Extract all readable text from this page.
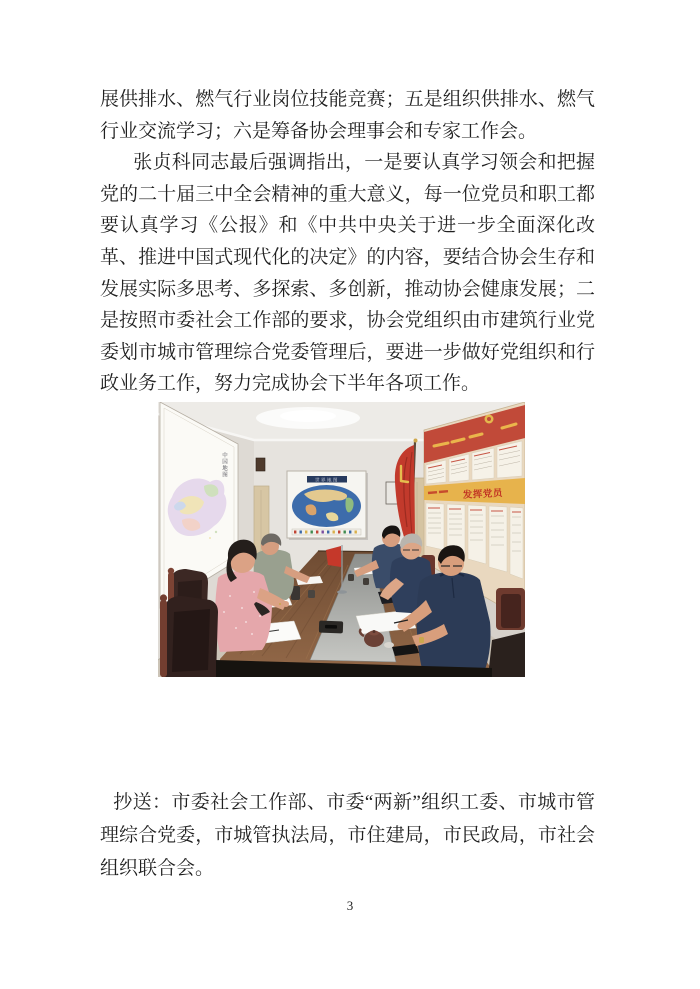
展供排水、燃气行业岗位技能竞赛；五是组织供排水、燃气行业交流学习；六是筹备协会理事会和专家工作会。

张贞科同志最后强调指出，一是要认真学习领会和把握党的二十届三中全会精神的重大意义，每一位党员和职工都要认真学习《公报》和《中共中央关于进一步全面深化改革、推进中国式现代化的决定》的内容，要结合协会生存和发展实际多思考、多探索、多创新，推动协会健康发展；二是按照市委社会工作部的要求，协会党组织由市建筑行业党委划市城市管理综合党委管理后，要进一步做好党组织和行政业务工作，努力完成协会下半年各项工作。

中国地图
世界地图
发挥党员
抄送：市委社会工作部、市委“两新”组织工委、市城市管理综合党委，市城管执法局，市住建局，市民政局，市社会组织联合会。
3
